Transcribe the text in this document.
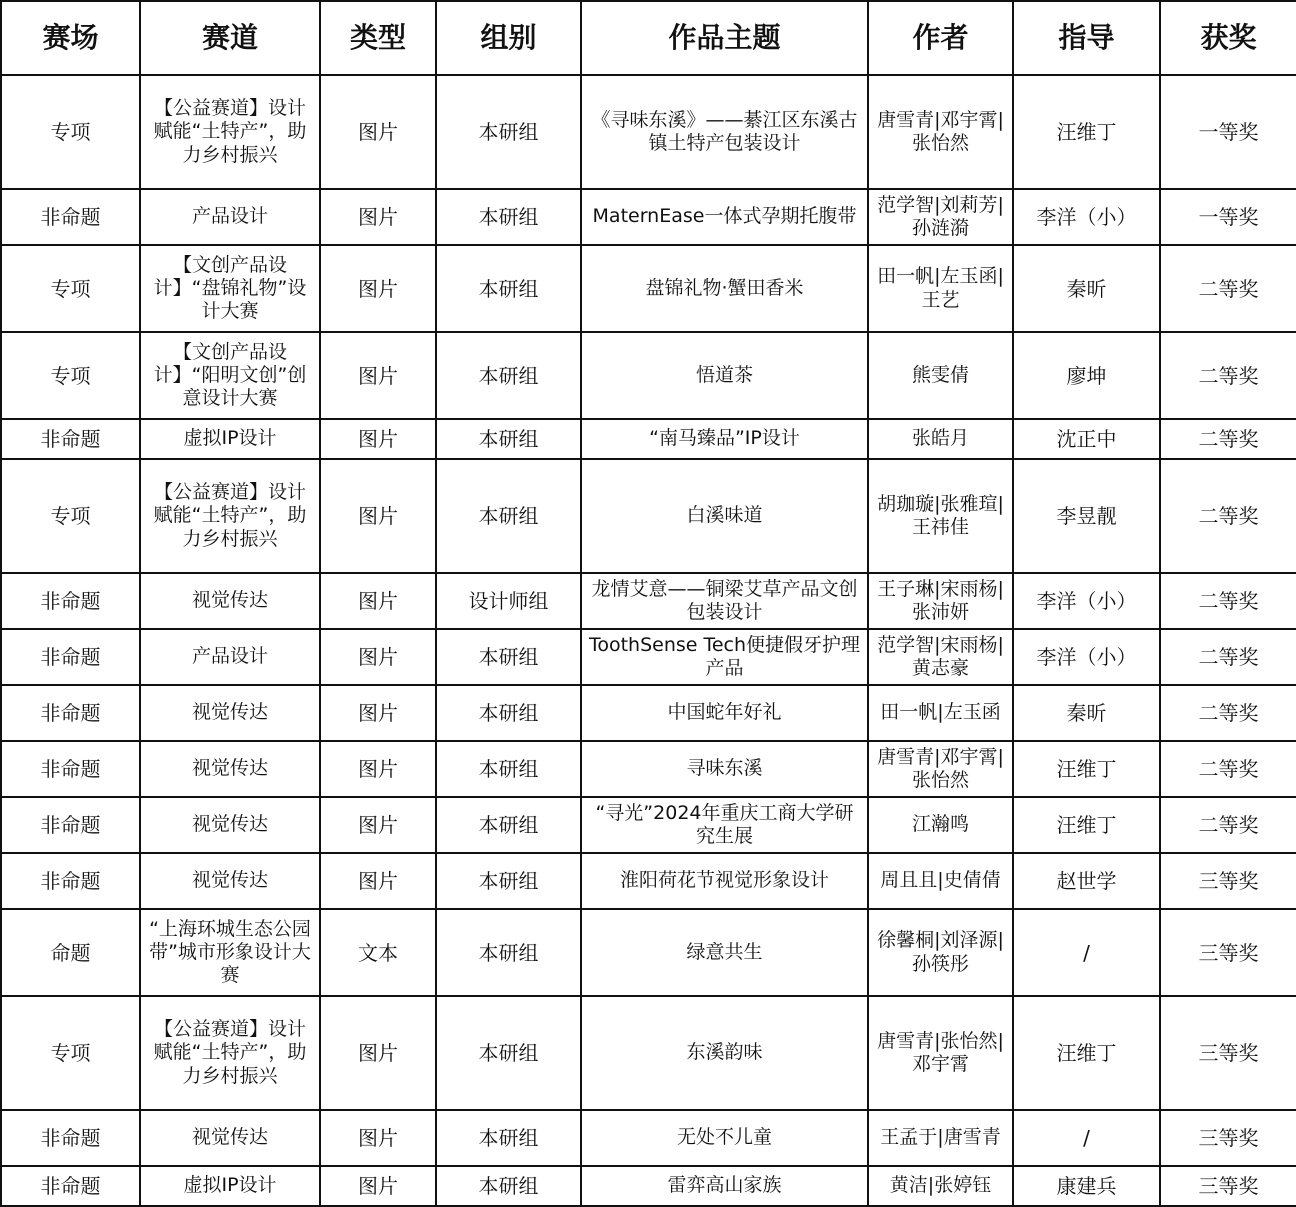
赛场	赛道	类型	组别	作品主题	作者	指导	获奖
专项	【公益赛道】设计赋能“土特产”，助力乡村振兴	图片	本研组	《寻味东溪》——綦江区东溪古镇土特产包装设计	唐雪青|邓宇霄|张怡然	汪维丁	一等奖
非命题	产品设计	图片	本研组	MaternEase一体式孕期托腹带	范学智|刘莉芳|孙涟漪	李洋（小）	一等奖
专项	【文创产品设计】“盘锦礼物”设计大赛	图片	本研组	盘锦礼物·蟹田香米	田一帆|左玉函|王艺	秦昕	二等奖
专项	【文创产品设计】“阳明文创”创意设计大赛	图片	本研组	悟道茶	熊雯倩	廖坤	二等奖
非命题	虚拟IP设计	图片	本研组	“南马臻品”IP设计	张皓月	沈正中	二等奖
专项	【公益赛道】设计赋能“土特产”，助力乡村振兴	图片	本研组	白溪味道	胡珈璇|张雅瑄|王祎佳	李昱靓	二等奖
非命题	视觉传达	图片	设计师组	龙情艾意——铜梁艾草产品文创包装设计	王子琳|宋雨杨|张沛妍	李洋（小）	二等奖
非命题	产品设计	图片	本研组	ToothSense Tech便捷假牙护理产品	范学智|宋雨杨|黄志豪	李洋（小）	二等奖
非命题	视觉传达	图片	本研组	中国蛇年好礼	田一帆|左玉函	秦昕	二等奖
非命题	视觉传达	图片	本研组	寻味东溪	唐雪青|邓宇霄|张怡然	汪维丁	二等奖
非命题	视觉传达	图片	本研组	“寻光”2024年重庆工商大学研究生展	江瀚鸣	汪维丁	二等奖
非命题	视觉传达	图片	本研组	淮阳荷花节视觉形象设计	周且且|史倩倩	赵世学	三等奖
命题	“上海环城生态公园带”城市形象设计大赛	文本	本研组	绿意共生	徐馨桐|刘泽源|孙筷彤	/	三等奖
专项	【公益赛道】设计赋能“土特产”，助力乡村振兴	图片	本研组	东溪韵味	唐雪青|张怡然|邓宇霄	汪维丁	三等奖
非命题	视觉传达	图片	本研组	无处不儿童	王孟于|唐雪青	/	三等奖
非命题	虚拟IP设计	图片	本研组	雷弈高山家族	黄洁|张婷钰	康建兵	三等奖
